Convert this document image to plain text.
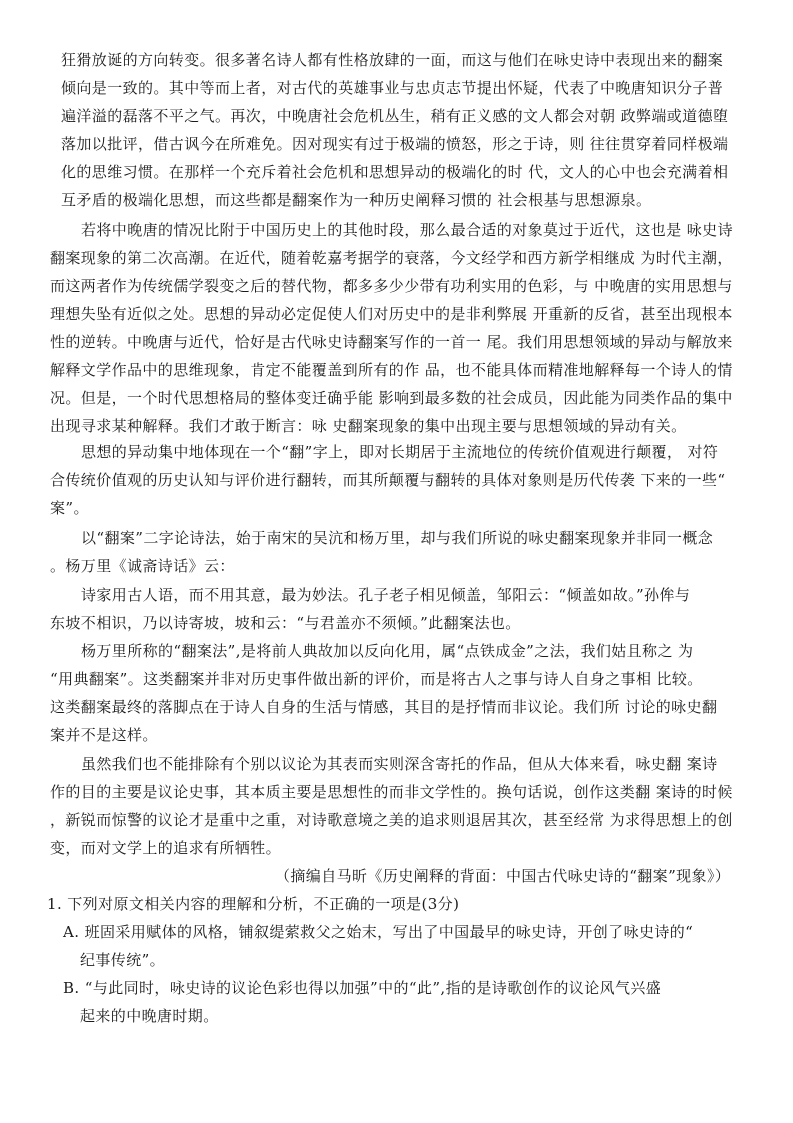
狂猾放诞的方向转变。很多著名诗人都有性格放肆的一面，而这与他们在咏史诗中表现出来的翻案
倾向是一致的。其中等而上者，对古代的英雄事业与忠贞志节提出怀疑，代表了中晚唐知识分子普
遍洋溢的磊落不平之气。再次，中晚唐社会危机丛生，稍有正义感的文人都会对朝 政弊端或道德堕
落加以批评，借古讽今在所难免。因对现实有过于极端的愤怒，形之于诗，则 往往贯穿着同样极端
化的思维习惯。在那样一个充斥着社会危机和思想异动的极端化的时 代，文人的心中也会充满着相
互矛盾的极端化思想，而这些都是翻案作为一种历史阐释习惯的 社会根基与思想源泉。
若将中晚唐的情况比附于中国历史上的其他时段，那么最合适的对象莫过于近代，这也是 咏史诗
翻案现象的第二次高潮。在近代，随着乾嘉考据学的衰落，今文经学和西方新学相继成 为时代主潮，
而这两者作为传统儒学裂变之后的替代物，都多多少少带有功利实用的色彩，与 中晚唐的实用思想与
理想失坠有近似之处。思想的异动必定促使人们对历史中的是非利弊展 开重新的反省，甚至出现根本
性的逆转。中晚唐与近代，恰好是古代咏史诗翻案写作的一首一 尾。我们用思想领域的异动与解放来
解释文学作品中的思维现象，肯定不能覆盖到所有的作 品，也不能具体而精准地解释每一个诗人的情
况。但是，一个时代思想格局的整体变迁确乎能 影响到最多数的社会成员，因此能为同类作品的集中
出现寻求某种解释。我们才敢于断言：咏 史翻案现象的集中出现主要与思想领域的异动有关。
思想的异动集中地体现在一个“翻”字上，即对长期居于主流地位的传统价值观进行颠覆， 对符
合传统价值观的历史认知与评价进行翻转，而其所颠覆与翻转的具体对象则是历代传袭 下来的一些“
案”。
以“翻案”二字论诗法，始于南宋的吴沆和杨万里，却与我们所说的咏史翻案现象并非同一概念
。杨万里《诚斋诗话》云：
诗家用古人语，而不用其意，最为妙法。孔子老子相见倾盖，邹阳云：“倾盖如故。”孙侔与
东坡不相识，乃以诗寄坡，坡和云：“与君盖亦不须倾。”此翻案法也。
杨万里所称的“翻案法”,是将前人典故加以反向化用，属“点铁成金”之法，我们姑且称之 为
“用典翻案”。这类翻案并非对历史事件做出新的评价，而是将古人之事与诗人自身之事相 比较。
这类翻案最终的落脚点在于诗人自身的生活与情感，其目的是抒情而非议论。我们所 讨论的咏史翻
案并不是这样。
虽然我们也不能排除有个别以议论为其表而实则深含寄托的作品，但从大体来看，咏史翻 案诗
作的目的主要是议论史事，其本质主要是思想性的而非文学性的。换句话说，创作这类翻 案诗的时候
，新锐而惊警的议论才是重中之重，对诗歌意境之美的追求则退居其次，甚至经常 为求得思想上的创
变，而对文学上的追求有所牺牲。
（摘编自马昕《历史阐释的背面：中国古代咏史诗的“翻案”现象》）
1. 下列对原文相关内容的理解和分析，不正确的一项是(3分)
A. 班固采用赋体的风格，铺叙缇萦救父之始末，写出了中国最早的咏史诗，开创了咏史诗的“
纪事传统”。
B. “与此同时，咏史诗的议论色彩也得以加强”中的“此”,指的是诗歌创作的议论风气兴盛
起来的中晚唐时期。
